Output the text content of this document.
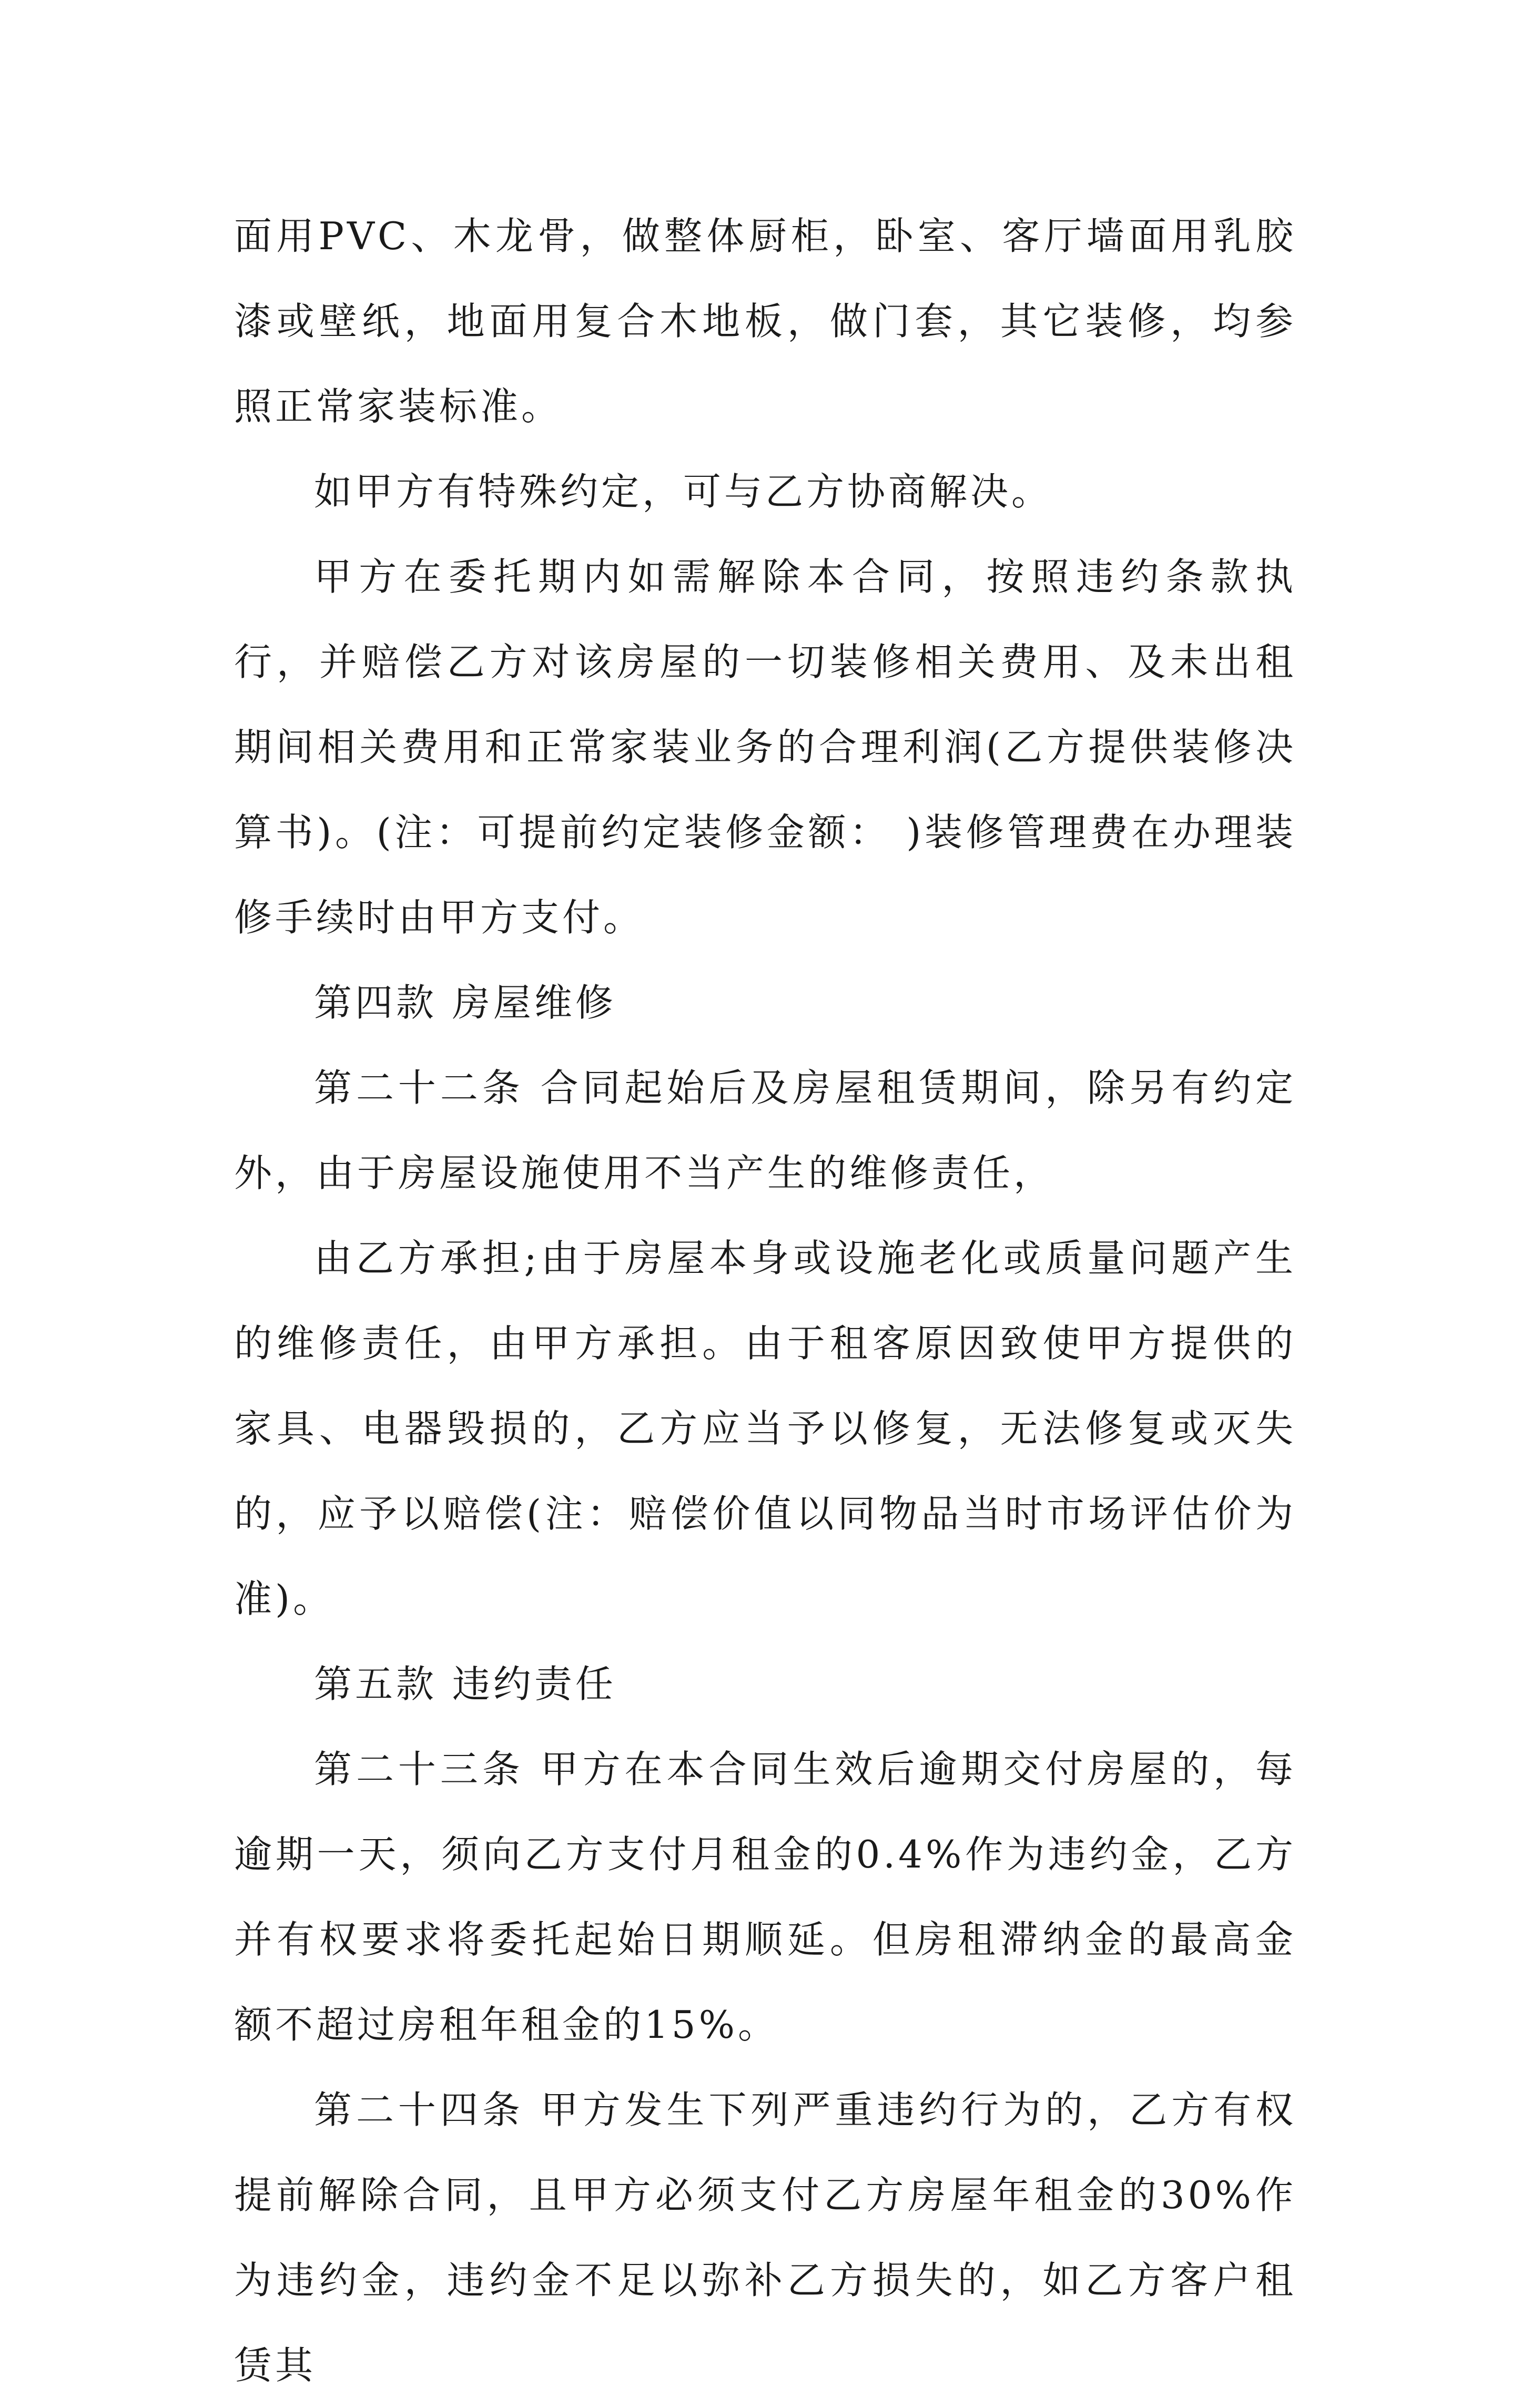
面用PVC、木龙骨，做整体厨柜，卧室、客厅墙面用乳胶漆或壁纸，地面用复合木地板，做门套，其它装修，均参照正常家装标准。

如甲方有特殊约定，可与乙方协商解决。

甲方在委托期内如需解除本合同，按照违约条款执行，并赔偿乙方对该房屋的一切装修相关费用、及未出租期间相关费用和正常家装业务的合理利润(乙方提供装修决算书)。(注：可提前约定装修金额： )装修管理费在办理装修手续时由甲方支付。

第四款 房屋维修

第二十二条 合同起始后及房屋租赁期间，除另有约定外，由于房屋设施使用不当产生的维修责任，

由乙方承担;由于房屋本身或设施老化或质量问题产生的维修责任，由甲方承担。由于租客原因致使甲方提供的家具、电器毁损的，乙方应当予以修复，无法修复或灭失的，应予以赔偿(注：赔偿价值以同物品当时市场评估价为准)。

第五款 违约责任

第二十三条 甲方在本合同生效后逾期交付房屋的，每逾期一天，须向乙方支付月租金的0.4%作为违约金，乙方并有权要求将委托起始日期顺延。但房租滞纳金的最高金额不超过房租年租金的15%。

第二十四条 甲方发生下列严重违约行为的，乙方有权提前解除合同，且甲方必须支付乙方房屋年租金的30%作为违约金，违约金不足以弥补乙方损失的，如乙方客户租赁其
